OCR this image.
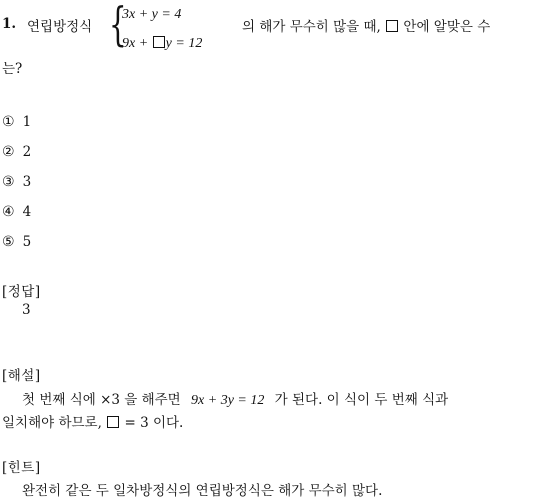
1. 연립방정식 {
3x + y = 4
9x + y = 12
의 해가 무수히 많을 때, 안에 알맞은 수
는?
① 1
② 2
③ 3
④ 4
⑤ 5
[정답]
3
[해설]
첫 번째 식에 ×3 을 해주면 9x + 3y = 12 가 된다. 이 식이 두 번째 식과
일치해야 하므로, = 3 이다.
[힌트]
완전히 같은 두 일차방정식의 연립방정식은 해가 무수히 많다.
